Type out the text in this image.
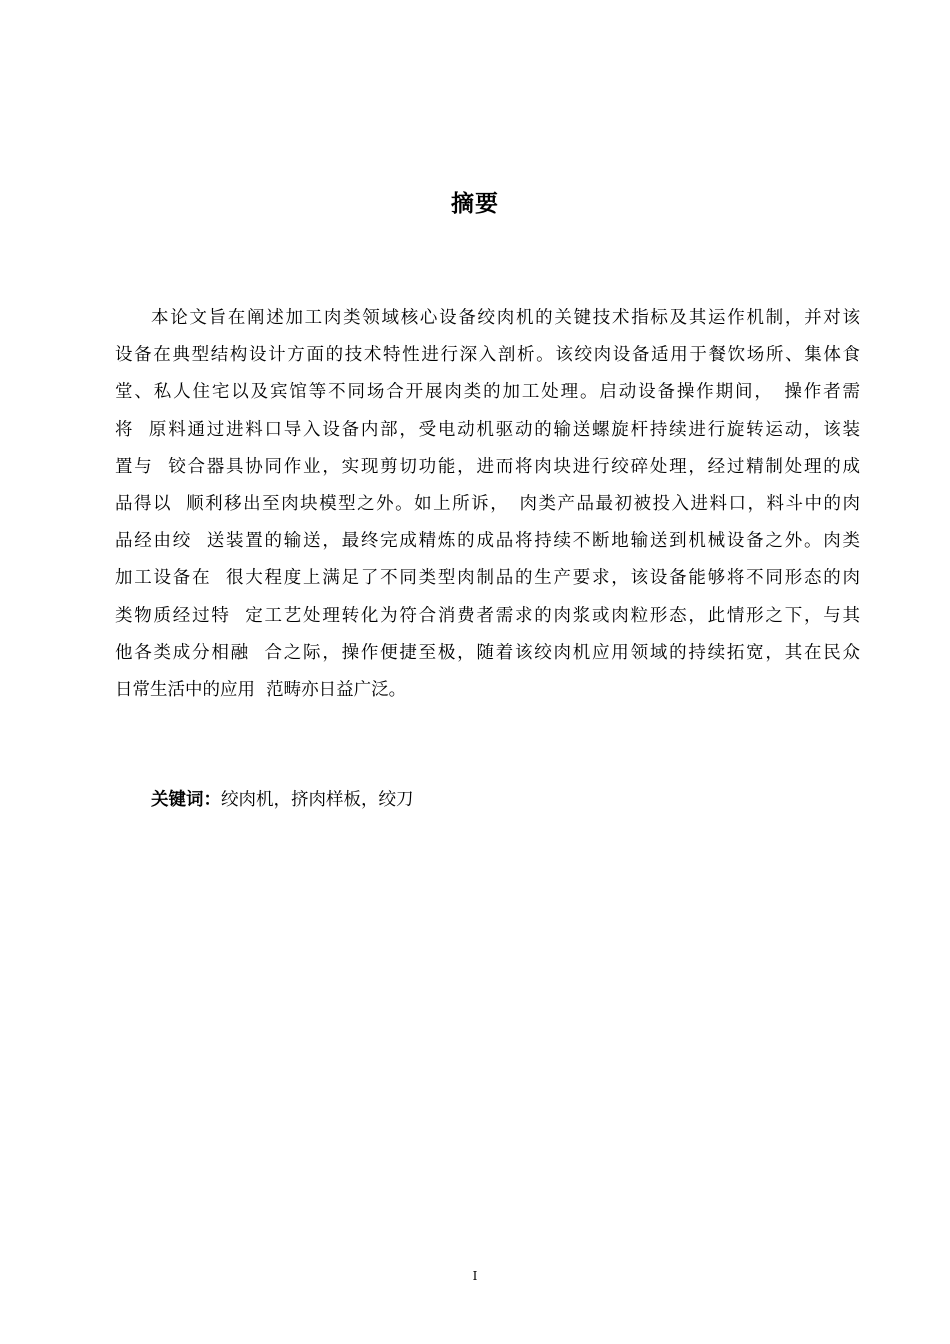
摘要
本论文旨在阐述加工肉类领域核心设备绞肉机的关键技术指标及其运作机制，并对该
设备在典型结构设计方面的技术特性进行深入剖析。该绞肉设备适用于餐饮场所、集体食
堂、私人住宅以及宾馆等不同场合开展肉类的加工处理。启动设备操作期间，　操作者需
将  原料通过进料口导入设备内部，受电动机驱动的输送螺旋杆持续进行旋转运动，该装
置与  铰合器具协同作业，实现剪切功能，进而将肉块进行绞碎处理，经过精制处理的成
品得以  顺利移出至肉块模型之外。如上所诉，　肉类产品最初被投入进料口，料斗中的肉
品经由绞  送装置的输送，最终完成精炼的成品将持续不断地输送到机械设备之外。肉类
加工设备在  很大程度上满足了不同类型肉制品的生产要求，该设备能够将不同形态的肉
类物质经过特  定工艺处理转化为符合消费者需求的肉浆或肉粒形态，此情形之下，与其
他各类成分相融  合之际，操作便捷至极，随着该绞肉机应用领域的持续拓宽，其在民众
日常生活中的应用  范畴亦日益广泛。
关键词：绞肉机，挤肉样板，绞刀
I
